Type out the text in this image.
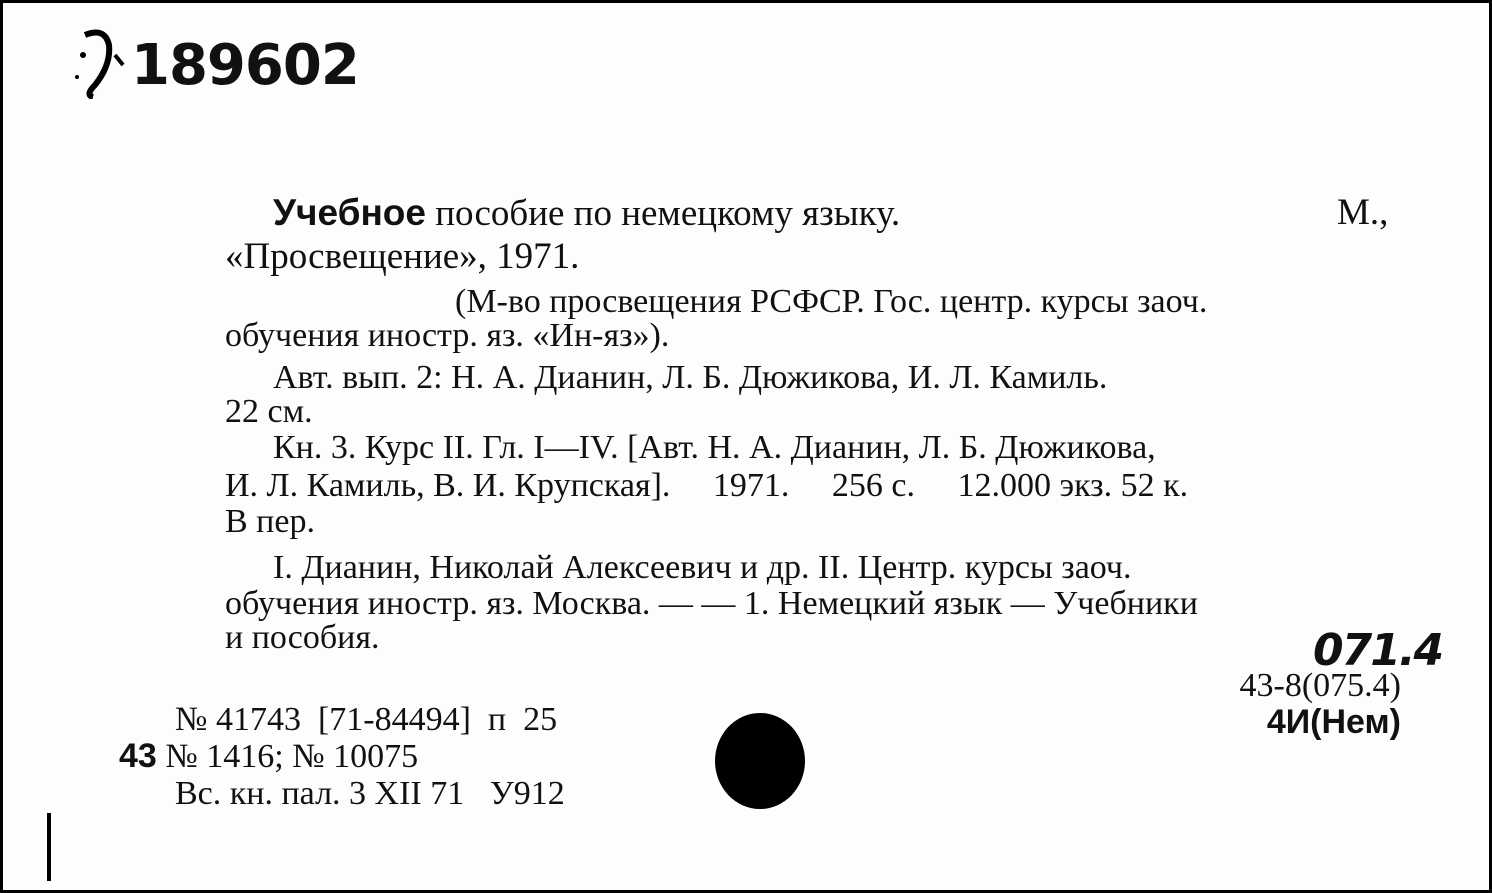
189602
Учебное пособие по немецкому языку.	М.,
«Просвещение», 1971.
(М-во просвещения РСФСР. Гос. центр. курсы заоч.
обучения иностр. яз. «Ин-яз»).
Авт. вып. 2: Н. А. Дианин, Л. Б. Дюжикова, И. Л. Камиль.
22 см.
Кн. 3. Курс II. Гл. I—IV. [Авт. Н. А. Дианин, Л. Б. Дюжикова,
И. Л. Камиль, В. И. Крупская].     1971.     256 с.     12.000 экз. 52 к.
В пер.
I. Дианин, Николай Алексеевич и др. II. Центр. курсы заоч.
обучения иностр. яз. Москва. — — 1. Немецкий язык — Учебники
и пособия.	071.4
43-8(075.4)
4И(Нем)
№ 41743  [71-84494]  п  25
43 № 1416; № 10075
Вс. кн. пал. 3 XII 71   У912
